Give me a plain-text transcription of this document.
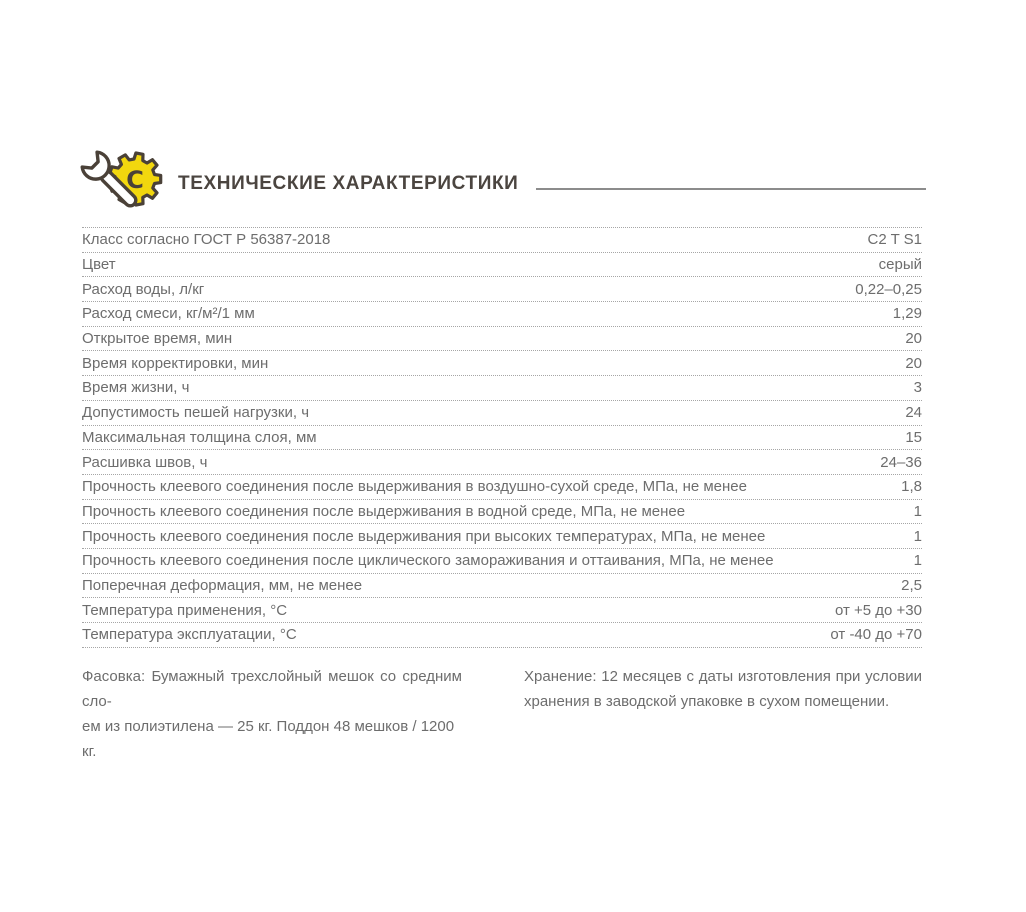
C ТЕХНИЧЕСКИЕ ХАРАКТЕРИСТИКИ
Класс согласно ГОСТ Р 56387-2018	C2 T S1
Цвет	серый
Расход воды, л/кг	0,22–0,25
Расход смеси, кг/м²/1 мм	1,29
Открытое время, мин	20
Время корректировки, мин	20
Время жизни, ч	3
Допустимость пешей нагрузки, ч	24
Максимальная толщина слоя, мм	15
Расшивка швов, ч	24–36
Прочность клеевого соединения после выдерживания в воздушно-сухой среде, МПа, не менее	1,8
Прочность клеевого соединения после выдерживания в водной среде, МПа, не менее	1
Прочность клеевого соединения после выдерживания при высоких температурах, МПа, не менее	1
Прочность клеевого соединения после циклического замораживания и оттаивания, МПа, не менее	1
Поперечная деформация, мм, не менее	2,5
Температура применения, °С	от +5 до +30
Температура эксплуатации, °С	от -40 до +70
Фасовка: Бумажный трехслойный мешок со средним сло-
ем из полиэтилена — 25 кг. Поддон 48 мешков / 1200 кг.
Хранение: 12 месяцев с даты изготовления при условии
хранения в заводской упаковке в сухом помещении.
